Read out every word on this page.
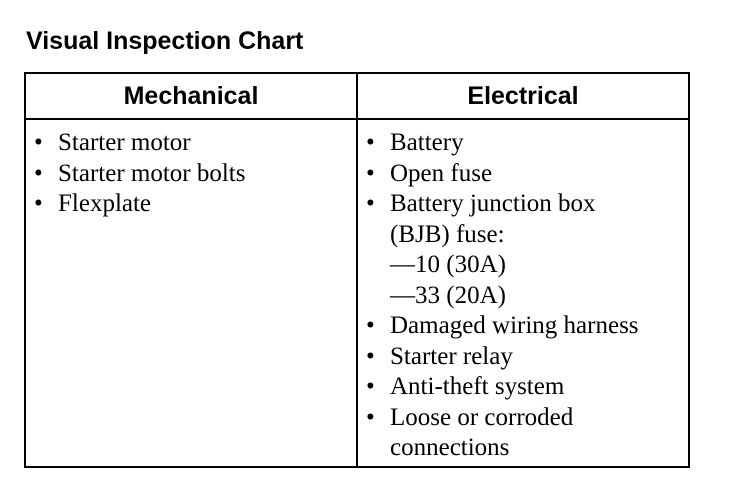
Visual Inspection Chart
Mechanical	Electrical
• Starter motor
• Starter motor bolts
• Flexplate
• Battery
• Open fuse
• Battery junction box
(BJB) fuse:
—10 (30A)
—33 (20A)
• Damaged wiring harness
• Starter relay
• Anti-theft system
• Loose or corroded
connections
